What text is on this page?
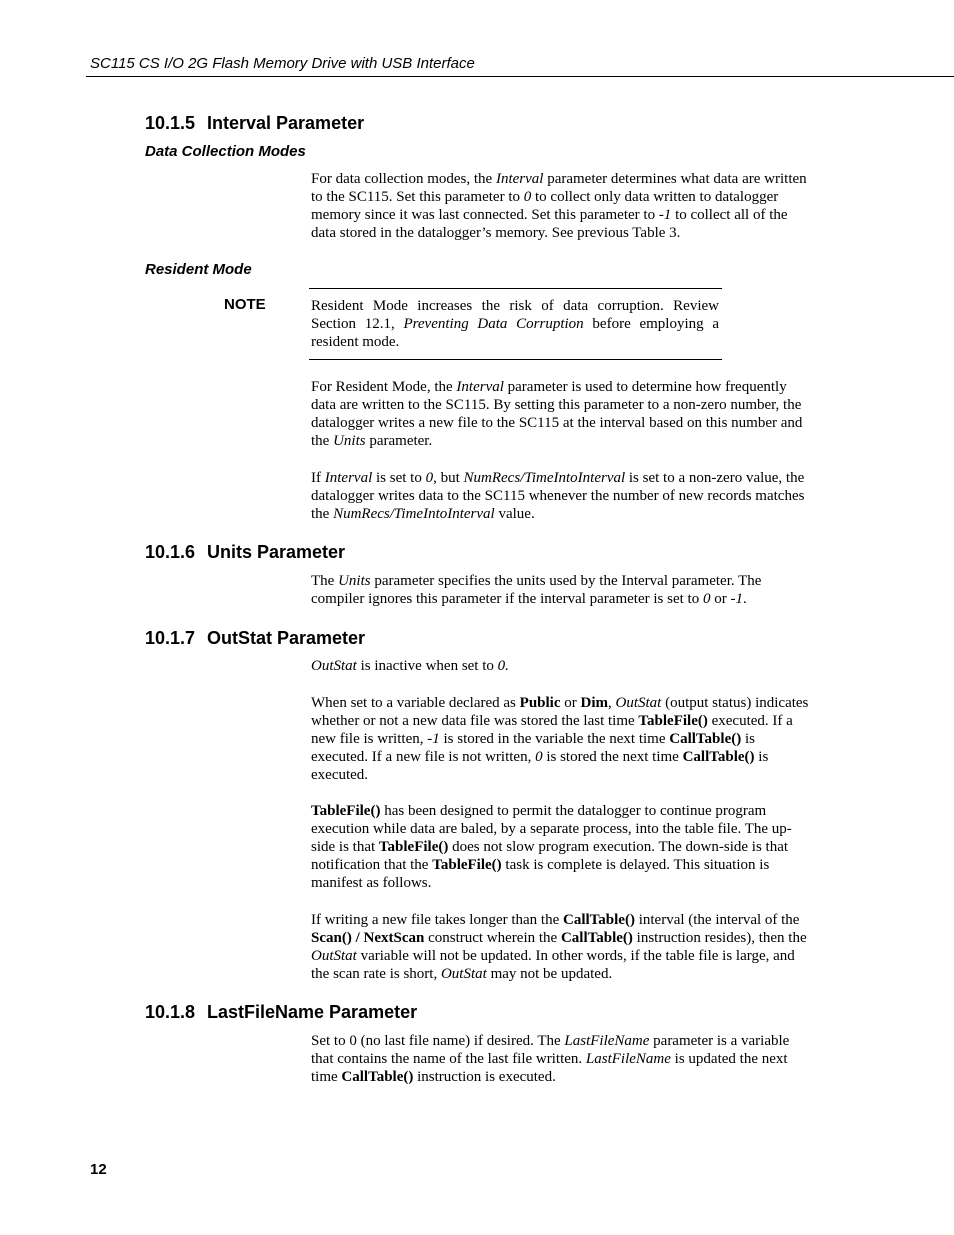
SC115 CS I/O 2G Flash Memory Drive with USB Interface
10.1.5 Interval Parameter
Data Collection Modes

For data collection modes, the Interval parameter determines what data are written to the SC115. Set this parameter to 0 to collect only data written to datalogger memory since it was last connected. Set this parameter to -1 to collect all of the data stored in the datalogger’s memory. See previous Table 3.

Resident Mode
NOTE	Resident Mode increases the risk of data corruption. Review Section 12.1, Preventing Data Corruption before employing a resident mode.

For Resident Mode, the Interval parameter is used to determine how frequently data are written to the SC115. By setting this parameter to a non-zero number, the datalogger writes a new file to the SC115 at the interval based on this number and the Units parameter.

If Interval is set to 0, but NumRecs/TimeIntoInterval is set to a non-zero value, the datalogger writes data to the SC115 whenever the number of new records matches the NumRecs/TimeIntoInterval value.

10.1.6 Units Parameter

The Units parameter specifies the units used by the Interval parameter. The compiler ignores this parameter if the interval parameter is set to 0 or -1.

10.1.7 OutStat Parameter

OutStat is inactive when set to 0.

When set to a variable declared as Public or Dim, OutStat (output status) indicates whether or not a new data file was stored the last time TableFile() executed. If a new file is written, -1 is stored in the variable the next time CallTable() is executed. If a new file is not written, 0 is stored the next time CallTable() is executed.

TableFile() has been designed to permit the datalogger to continue program execution while data are baled, by a separate process, into the table file. The up-side is that TableFile() does not slow program execution. The down-side is that notification that the TableFile() task is complete is delayed. This situation is manifest as follows.

If writing a new file takes longer than the CallTable() interval (the interval of the Scan() / NextScan construct wherein the CallTable() instruction resides), then the OutStat variable will not be updated. In other words, if the table file is large, and the scan rate is short, OutStat may not be updated.

10.1.8 LastFileName Parameter

Set to 0 (no last file name) if desired. The LastFileName parameter is a variable that contains the name of the last file written. LastFileName is updated the next time CallTable() instruction is executed.

12
